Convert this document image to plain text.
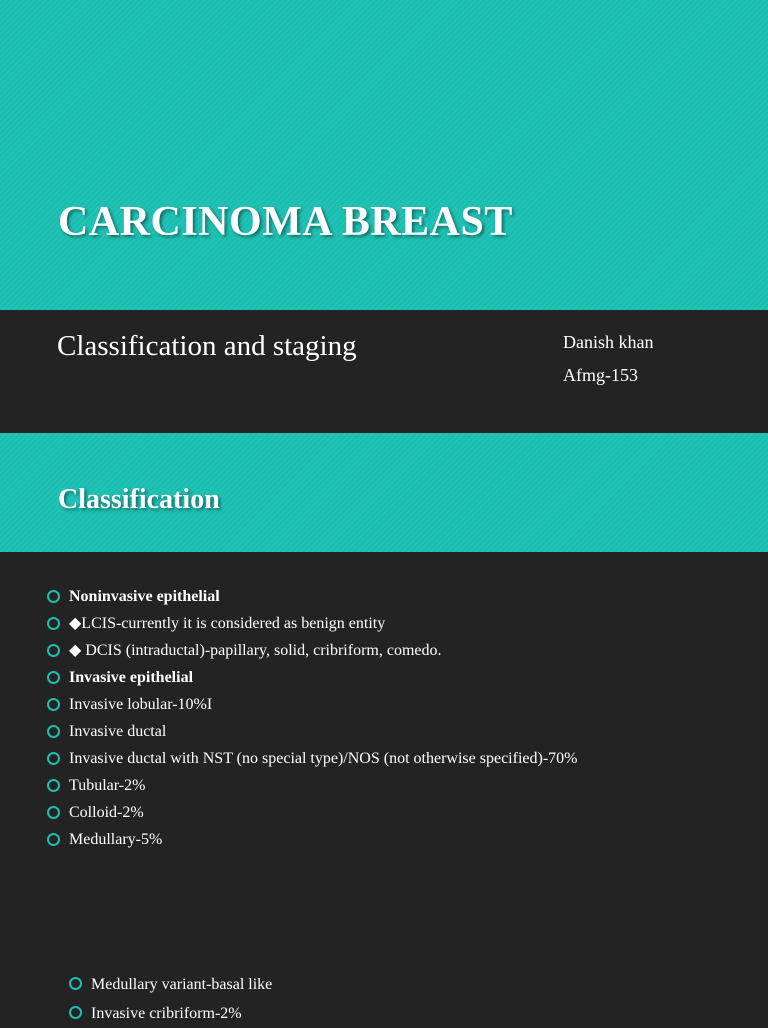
CARCINOMA BREAST
Classification and staging	Danish khan
Afmg-153
Classification
Noninvasive epithelial
◆LCIS-currently it is considered as benign entity
◆ DCIS (intraductal)-papillary, solid, cribriform, comedo.
Invasive epithelial
Invasive lobular-10%I
Invasive ductal
Invasive ductal with NST (no special type)/NOS (not otherwise specified)-70%
Tubular-2%
Colloid-2%
Medullary-5%
Medullary variant-basal like
Invasive cribriform-2%
